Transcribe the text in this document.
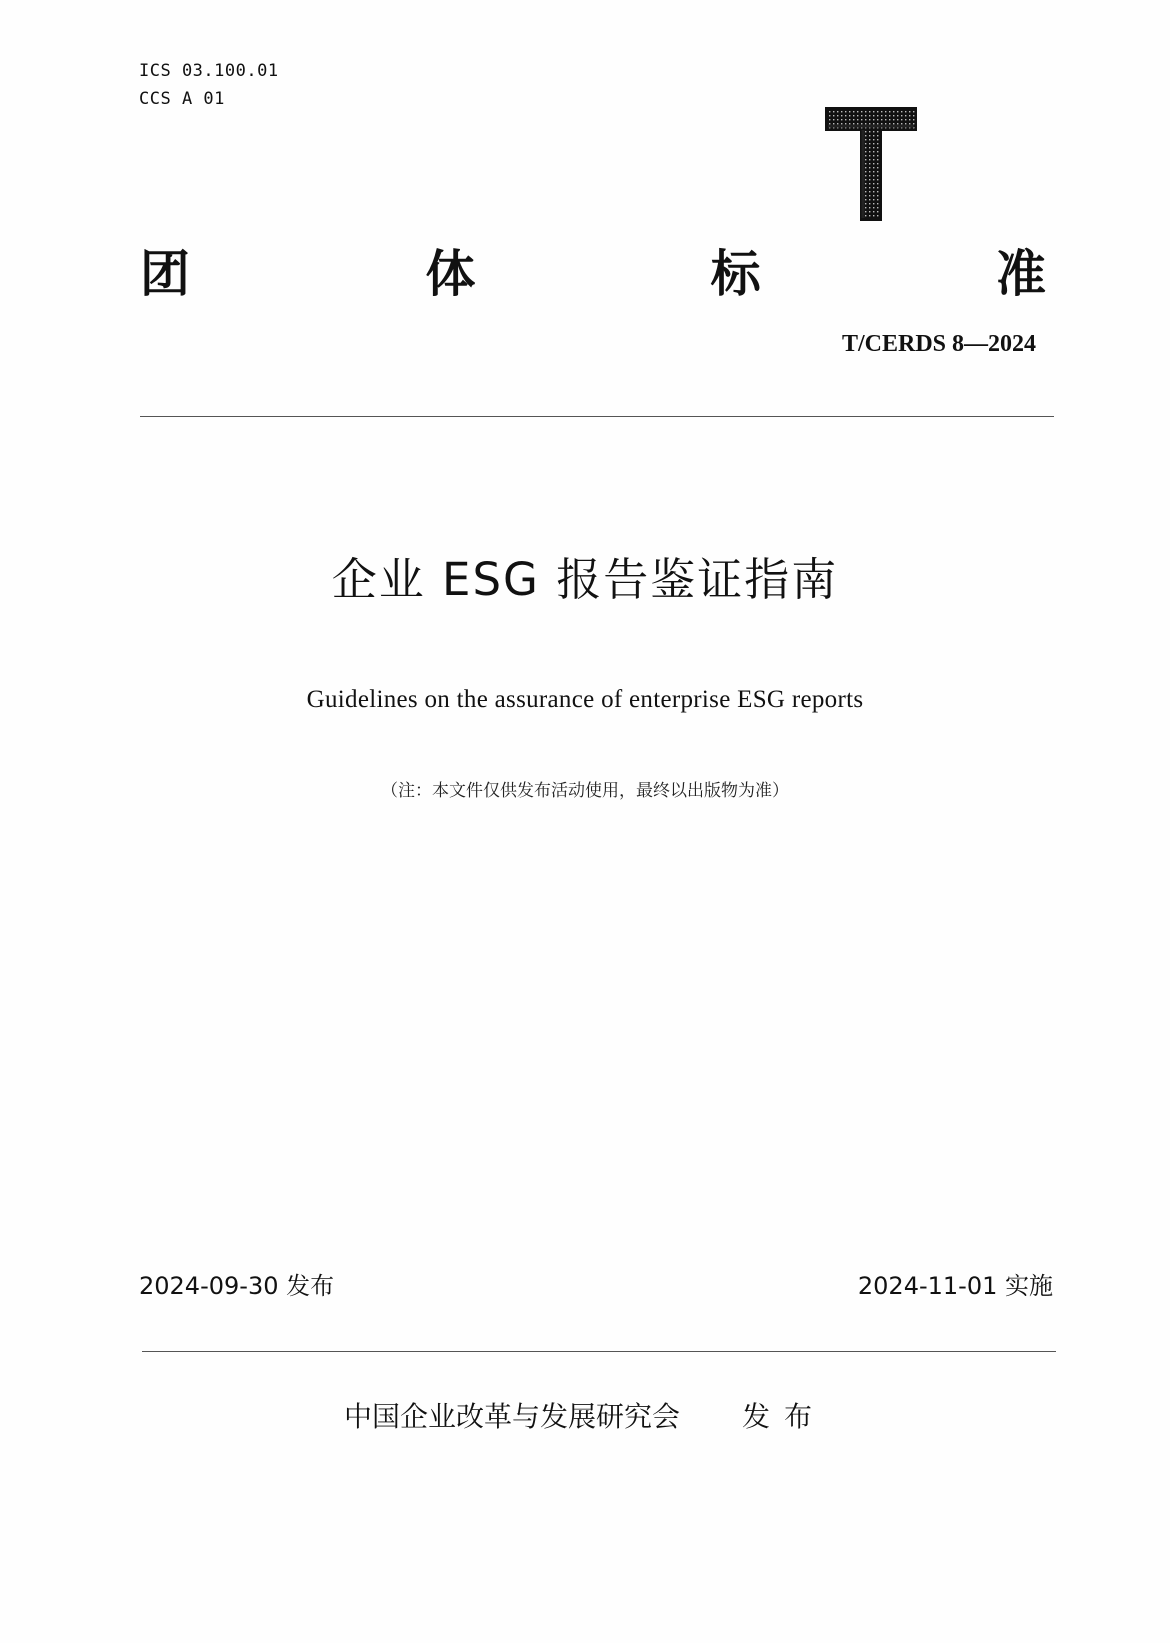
ICS 03.100.01
CCS A 01
团	体	标	准
T/CERDS 8—2024
企业 ESG 报告鉴证指南
Guidelines on the assurance of enterprise ESG reports
（注：本文件仅供发布活动使用，最终以出版物为准）
2024-09-30 发布	2024-11-01 实施
中国企业改革与发展研究会 发布
